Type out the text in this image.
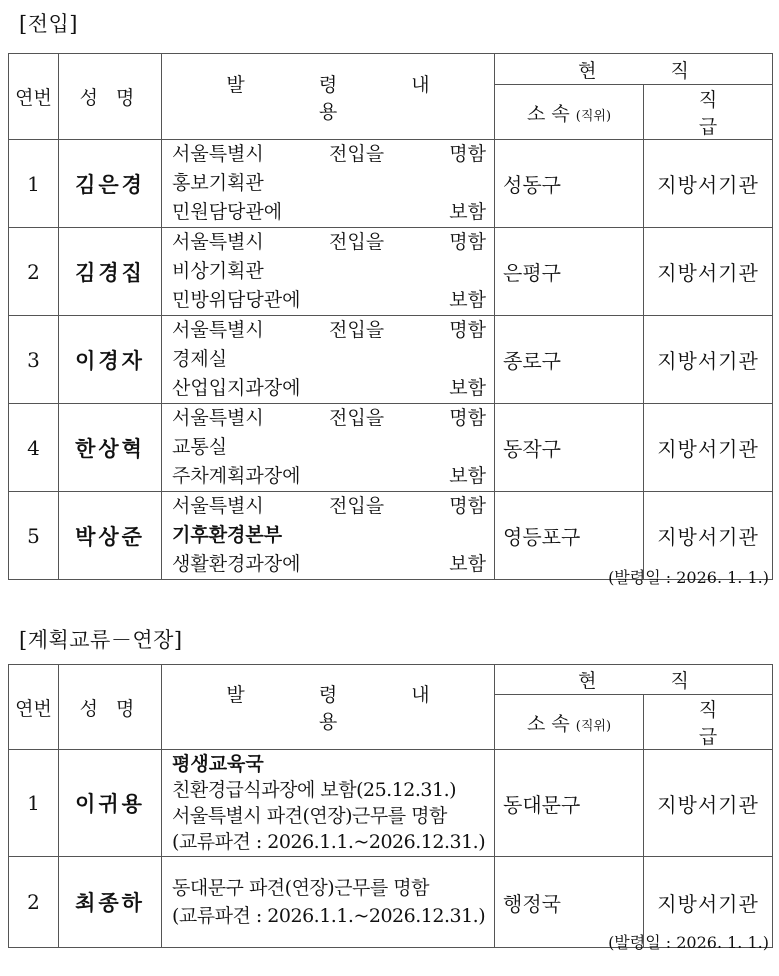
[전입]
연번	성 명	발 령 내 용	현 직	
			소 속 (직위)	직 급
1	김은경	서울특별시 전입을 명함
홍보기획관
민원담당관에 보함	성동구	지방서기관
2	김경집	서울특별시 전입을 명함
비상기획관
민방위담당관에 보함	은평구	지방서기관
3	이경자	서울특별시 전입을 명함
경제실
산업입지과장에 보함	종로구	지방서기관
4	한상혁	서울특별시 전입을 명함
교통실
주차계획과장에 보함	동작구	지방서기관
5	박상준	서울특별시 전입을 명함
기후환경본부
생활환경과장에 보함	영등포구	지방서기관
(발령일 : 2026. 1. 1.)
[계획교류－연장]
연번	성 명	발 령 내 용	현 직	
			소 속 (직위)	직 급
1	이귀용	평생교육국
친환경급식과장에 보함(25.12.31.)
서울특별시 파견(연장)근무를 명함
(교류파견 : 2026.1.1.~2026.12.31.)	동대문구	지방서기관
2	최종하	동대문구 파견(연장)근무를 명함
(교류파견 : 2026.1.1.~2026.12.31.)	행정국	지방서기관
(발령일 : 2026. 1. 1.)
